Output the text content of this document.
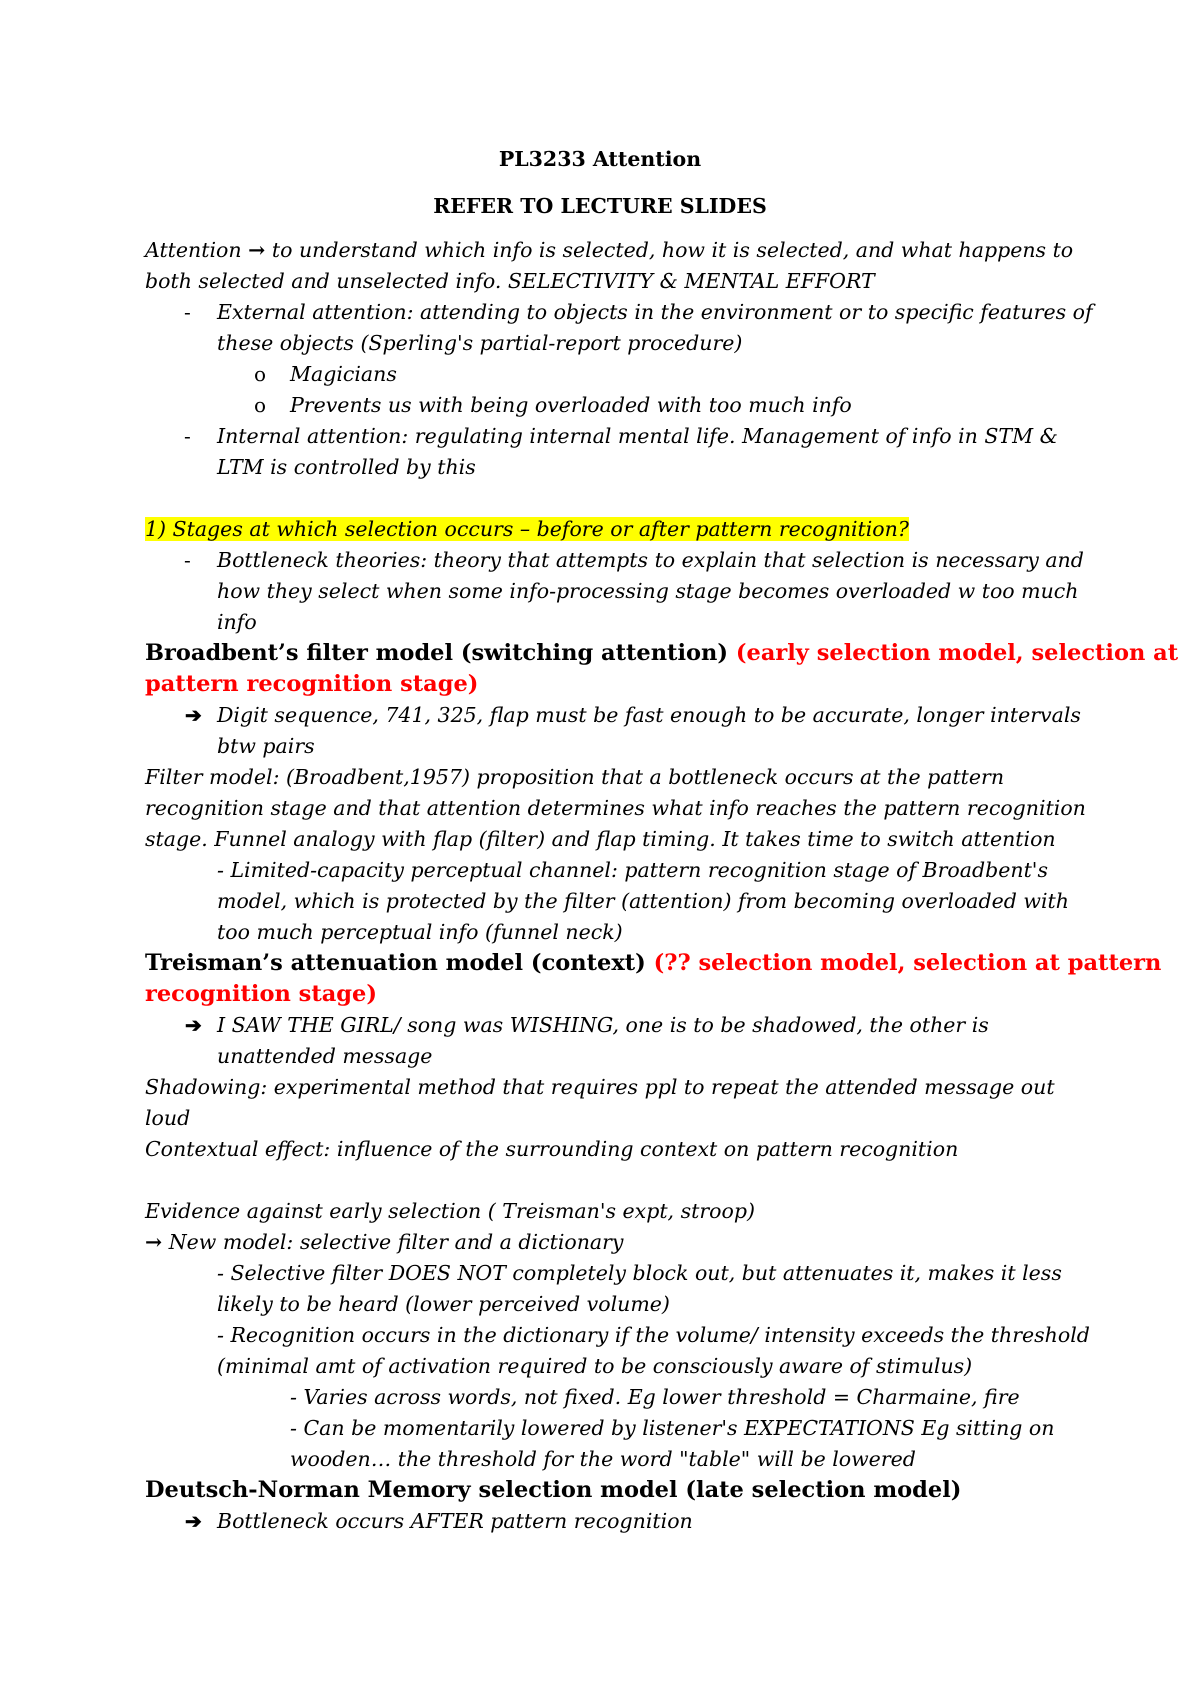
PL3233 Attention
REFER TO LECTURE SLIDES
Attention → to understand which info is selected, how it is selected, and what happens to
both selected and unselected info. SELECTIVITY & MENTAL EFFORT
- External attention: attending to objects in the environment or to specific features of
these objects (Sperling's partial-report procedure)
o Magicians
o Prevents us with being overloaded with too much info
- Internal attention: regulating internal mental life. Management of info in STM &
LTM is controlled by this
1) Stages at which selection occurs – before or after pattern recognition?
- Bottleneck theories: theory that attempts to explain that selection is necessary and
how they select when some info-processing stage becomes overloaded w too much
info
Broadbent’s filter model (switching attention) (early selection model, selection at
pattern recognition stage)
➔ Digit sequence, 741, 325, flap must be fast enough to be accurate, longer intervals
btw pairs
Filter model: (Broadbent,1957) proposition that a bottleneck occurs at the pattern
recognition stage and that attention determines what info reaches the pattern recognition
stage. Funnel analogy with flap (filter) and flap timing. It takes time to switch attention
- Limited-capacity perceptual channel: pattern recognition stage of Broadbent's
model, which is protected by the filter (attention) from becoming overloaded with
too much perceptual info (funnel neck)
Treisman’s attenuation model (context) (?? selection model, selection at pattern
recognition stage)
➔ I SAW THE GIRL/ song was WISHING, one is to be shadowed, the other is
unattended message
Shadowing: experimental method that requires ppl to repeat the attended message out
loud
Contextual effect: influence of the surrounding context on pattern recognition
Evidence against early selection ( Treisman's expt, stroop)
→ New model: selective filter and a dictionary
- Selective filter DOES NOT completely block out, but attenuates it, makes it less
likely to be heard (lower perceived volume)
- Recognition occurs in the dictionary if the volume/ intensity exceeds the threshold
(minimal amt of activation required to be consciously aware of stimulus)
- Varies across words, not fixed. Eg lower threshold = Charmaine, fire
- Can be momentarily lowered by listener's EXPECTATIONS Eg sitting on
wooden… the threshold for the word "table" will be lowered
Deutsch-Norman Memory selection model (late selection model)
➔ Bottleneck occurs AFTER pattern recognition
